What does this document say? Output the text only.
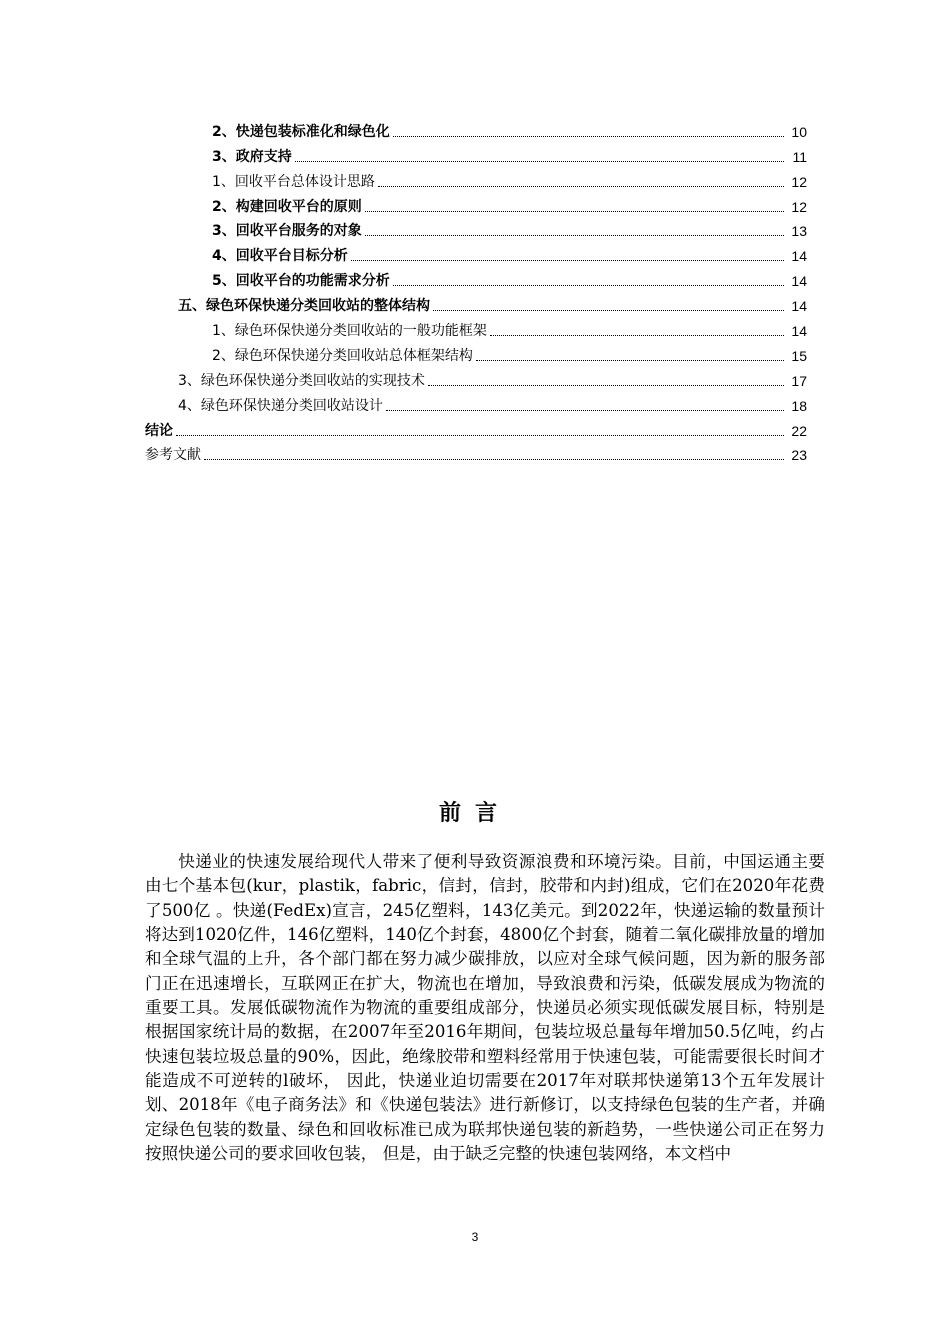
2、快递包装标准化和绿色化	10
3、政府支持	11
1、回收平台总体设计思路	12
2、构建回收平台的原则	12
3、回收平台服务的对象	13
4、回收平台目标分析	14
5、回收平台的功能需求分析	14
五、绿色环保快递分类回收站的整体结构	14
1、绿色环保快递分类回收站的一般功能框架	14
2、绿色环保快递分类回收站总体框架结构	15
3、绿色环保快递分类回收站的实现技术	17
4、绿色环保快递分类回收站设计	18
结论	22
参考文献	23
前言
快递业的快速发展给现代人带来了便利导致资源浪费和环境污染。目前，中国运通主要由七个基本包(kur，plastik，fabric，信封，信封，胶带和内封)组成，它们在2020年花费了500亿 。快递(FedEx)宣言，245亿塑料，143亿美元。到2022年，快递运输的数量预计将达到1020亿件，146亿塑料，140亿个封套，4800亿个封套，随着二氧化碳排放量的增加和全球气温的上升，各个部门都在努力减少碳排放，以应对全球气候问题，因为新的服务部门正在迅速增长，互联网正在扩大，物流也在增加，导致浪费和污染，低碳发展成为物流的重要工具。发展低碳物流作为物流的重要组成部分，快递员必须实现低碳发展目标，特别是根据国家统计局的数据，在2007年至2016年期间，包装垃圾总量每年增加50.5亿吨，约占快速包装垃圾总量的90%，因此，绝缘胶带和塑料经常用于快速包装，可能需要很长时间才能造成不可逆转的l破坏， 因此，快递业迫切需要在2017年对联邦快递第13个五年发展计划、2018年《电子商务法》和《快递包装法》进行新修订，以支持绿色包装的生产者，并确定绿色包装的数量、绿色和回收标准已成为联邦快递包装的新趋势，一些快递公司正在努力按照快递公司的要求回收包装， 但是，由于缺乏完整的快速包装网络，本文档中
3
